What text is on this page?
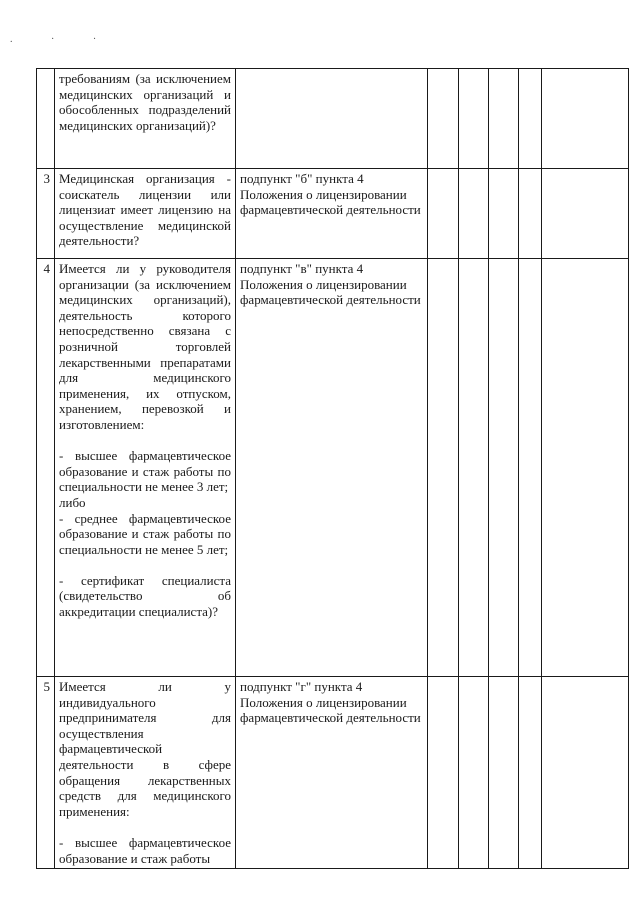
. · ·

	требованиям (за исключением медицинских организаций и обособленных подразделений медицинских организаций)?						

3	Медицинская организация - соискатель лицензии или лицензиат имеет лицензию на осуществление медицинской деятельности?	подпункт "б" пункта 4 Положения о лицензировании фармацевтической деятельности					
4	Имеется ли у руководителя организации (за исключением медицинских организаций), деятельность которого непосредственно связана с розничной торговлей лекарственными препаратами для медицинского применения, их отпуском, хранением, перевозкой и изготовлением:

- высшее фармацевтическое образование и стаж работы по специальности не менее 3 лет;

либо

- среднее фармацевтическое образование и стаж работы по специальности не менее 5 лет;

- сертификат специалиста (свидетельство об аккредитации специалиста)?	подпункт "в" пункта 4 Положения о лицензировании фармацевтической деятельности					
5	Имеется ли у индивидуального предпринимателя для осуществления фармацевтической деятельности в сфере обращения лекарственных средств для медицинского применения:

- высшее фармацевтическое образование и стаж работы	подпункт "г" пункта 4 Положения о лицензировании фармацевтической деятельности					
